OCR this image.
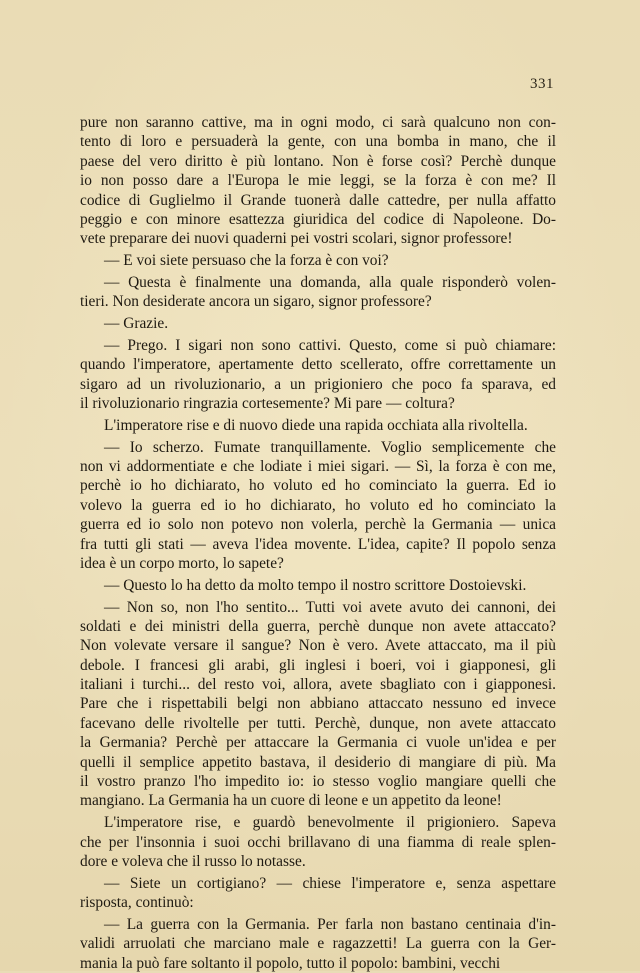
331
pure non saranno cattive, ma in ogni modo, ci sarà qualcuno non con-
tento di loro e persuaderà la gente, con una bomba in mano, che il
paese del vero diritto è più lontano. Non è forse così? Perchè dunque
io non posso dare a l'Europa le mie leggi, se la forza è con me? Il
codice di Guglielmo il Grande tuonerà dalle cattedre, per nulla affatto
peggio e con minore esattezza giuridica del codice di Napoleone. Do-
vete preparare dei nuovi quaderni pei vostri scolari, signor professore!
— E voi siete persuaso che la forza è con voi?
— Questa è finalmente una domanda, alla quale risponderò volen-
tieri. Non desiderate ancora un sigaro, signor professore?
— Grazie.
— Prego. I sigari non sono cattivi. Questo, come si può chiamare:
quando l'imperatore, apertamente detto scellerato, offre correttamente un
sigaro ad un rivoluzionario, a un prigioniero che poco fa sparava, ed
il rivoluzionario ringrazia cortesemente? Mi pare — coltura?
L'imperatore rise e di nuovo diede una rapida occhiata alla rivoltella.
— Io scherzo. Fumate tranquillamente. Voglio semplicemente che
non vi addormentiate e che lodiate i miei sigari. — Sì, la forza è con me,
perchè io ho dichiarato, ho voluto ed ho cominciato la guerra. Ed io
volevo la guerra ed io ho dichiarato, ho voluto ed ho cominciato la
guerra ed io solo non potevo non volerla, perchè la Germania — unica
fra tutti gli stati — aveva l'idea movente. L'idea, capite? Il popolo senza
idea è un corpo morto, lo sapete?
— Questo lo ha detto da molto tempo il nostro scrittore Dostoievski.
— Non so, non l'ho sentito... Tutti voi avete avuto dei cannoni, dei
soldati e dei ministri della guerra, perchè dunque non avete attaccato?
Non volevate versare il sangue? Non è vero. Avete attaccato, ma il più
debole. I francesi gli arabi, gli inglesi i boeri, voi i giapponesi, gli
italiani i turchi... del resto voi, allora, avete sbagliato con i giapponesi.
Pare che i rispettabili belgi non abbiano attaccato nessuno ed invece
facevano delle rivoltelle per tutti. Perchè, dunque, non avete attaccato
la Germania? Perchè per attaccare la Germania ci vuole un'idea e per
quelli il semplice appetito bastava, il desiderio di mangiare di più. Ma
il vostro pranzo l'ho impedito io: io stesso voglio mangiare quelli che
mangiano. La Germania ha un cuore di leone e un appetito da leone!
L'imperatore rise, e guardò benevolmente il prigioniero. Sapeva
che per l'insonnia i suoi occhi brillavano di una fiamma di reale splen-
dore e voleva che il russo lo notasse.
— Siete un cortigiano? — chiese l'imperatore e, senza aspettare
risposta, continuò:
— La guerra con la Germania. Per farla non bastano centinaia d'in-
validi arruolati che marciano male e ragazzetti! La guerra con la Ger-
mania la può fare soltanto il popolo, tutto il popolo: bambini, vecchi
